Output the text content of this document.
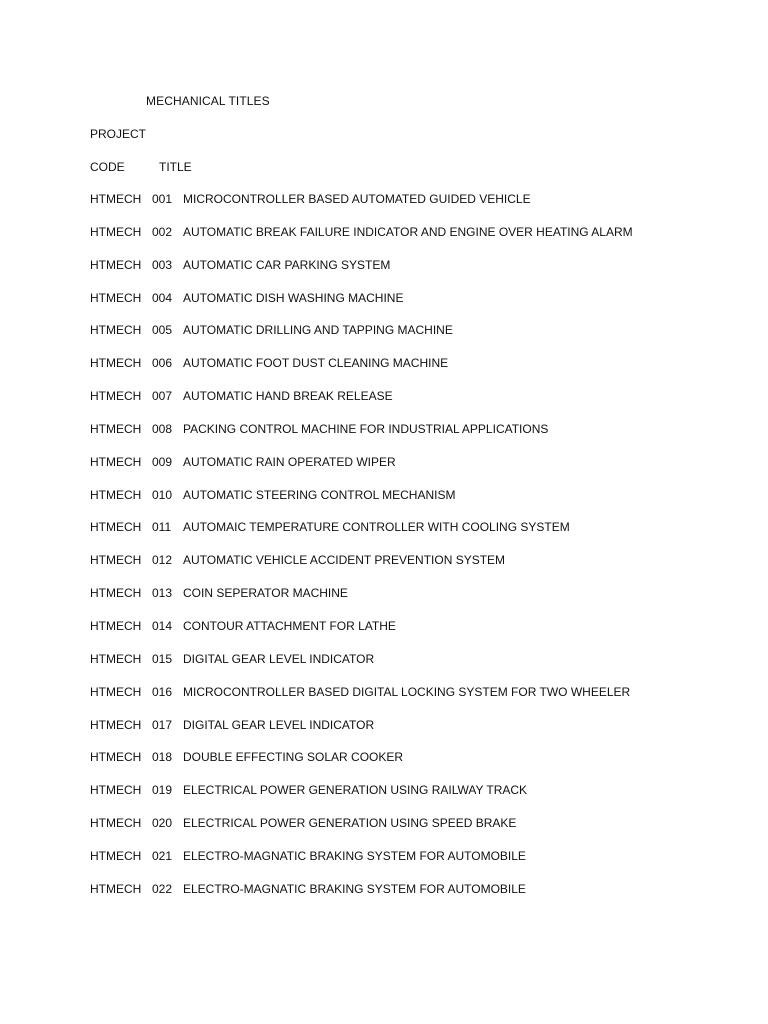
MECHANICAL TITLES
PROJECT
CODE	TITLE
HTMECH 001 MICROCONTROLLER BASED AUTOMATED GUIDED VEHICLE
HTMECH 002 AUTOMATIC BREAK FAILURE INDICATOR AND ENGINE OVER HEATING ALARM
HTMECH 003 AUTOMATIC CAR PARKING SYSTEM
HTMECH 004 AUTOMATIC DISH WASHING MACHINE
HTMECH 005 AUTOMATIC DRILLING AND TAPPING MACHINE
HTMECH 006 AUTOMATIC FOOT DUST CLEANING MACHINE
HTMECH 007 AUTOMATIC HAND BREAK RELEASE
HTMECH 008 PACKING CONTROL MACHINE FOR INDUSTRIAL APPLICATIONS
HTMECH 009 AUTOMATIC RAIN OPERATED WIPER
HTMECH 010 AUTOMATIC STEERING CONTROL MECHANISM
HTMECH 011 AUTOMAIC TEMPERATURE CONTROLLER WITH COOLING SYSTEM
HTMECH 012 AUTOMATIC VEHICLE ACCIDENT PREVENTION SYSTEM
HTMECH 013 COIN SEPERATOR MACHINE
HTMECH 014 CONTOUR ATTACHMENT FOR LATHE
HTMECH 015 DIGITAL GEAR LEVEL INDICATOR
HTMECH 016 MICROCONTROLLER BASED DIGITAL LOCKING SYSTEM FOR TWO WHEELER
HTMECH 017 DIGITAL GEAR LEVEL INDICATOR
HTMECH 018 DOUBLE EFFECTING SOLAR COOKER
HTMECH 019 ELECTRICAL POWER GENERATION USING RAILWAY TRACK
HTMECH 020 ELECTRICAL POWER GENERATION USING SPEED BRAKE
HTMECH 021 ELECTRO-MAGNATIC BRAKING SYSTEM FOR AUTOMOBILE
HTMECH 022 ELECTRO-MAGNATIC BRAKING SYSTEM FOR AUTOMOBILE
